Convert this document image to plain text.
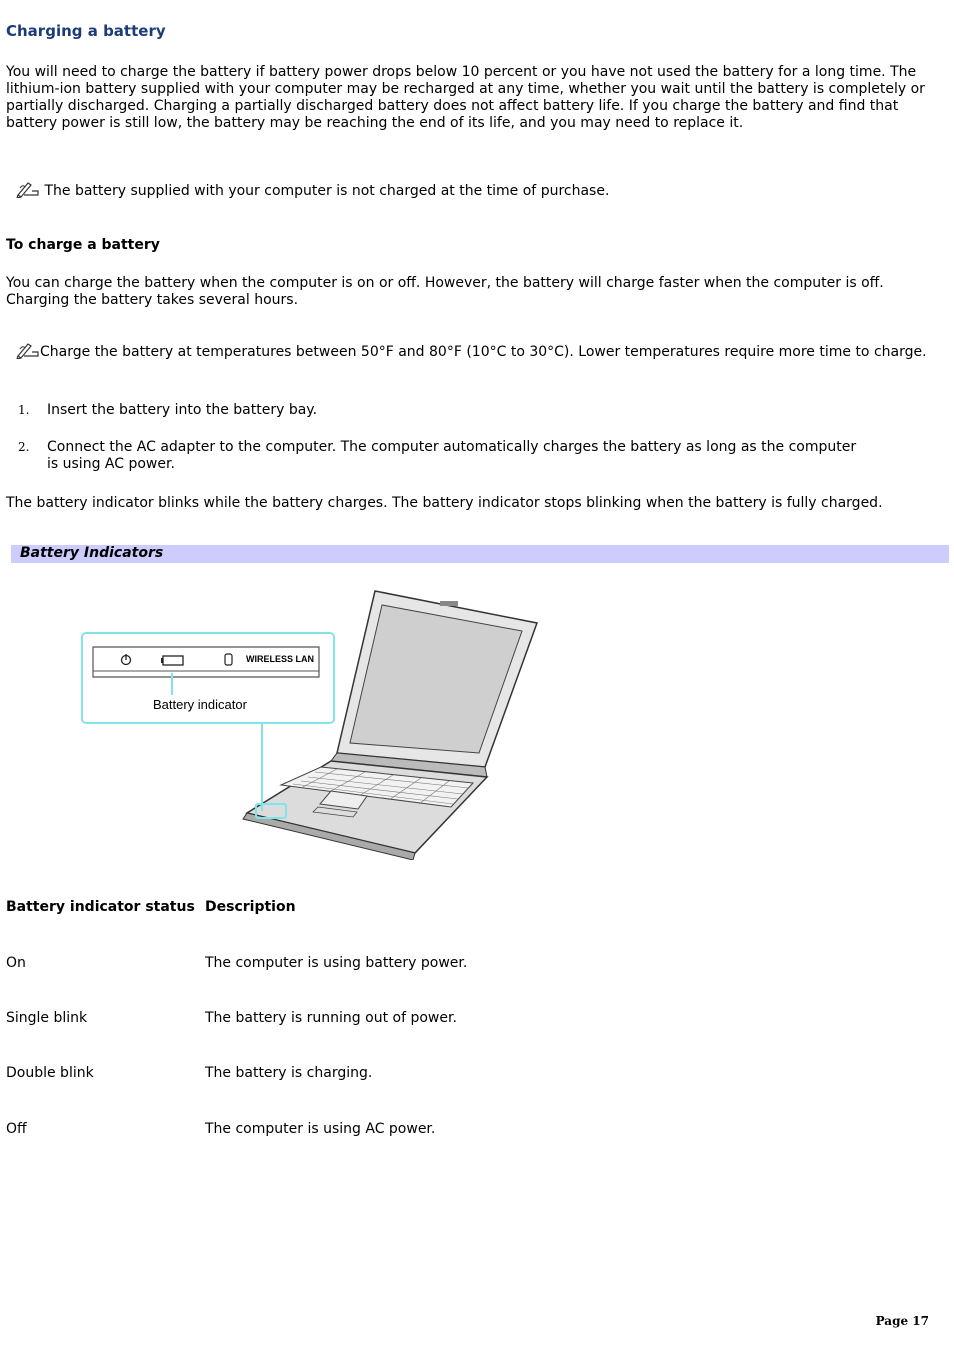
Charging a battery

You will need to charge the battery if battery power drops below 10 percent or you have not used the battery for a long time. The lithium-ion battery supplied with your computer may be recharged at any time, whether you wait until the battery is completely or partially discharged. Charging a partially discharged battery does not affect battery life. If you charge the battery and find that battery power is still low, the battery may be reaching the end of its life, and you may need to replace it.

The battery supplied with your computer is not charged at the time of purchase.
To charge a battery

You can charge the battery when the computer is on or off. However, the battery will charge faster when the computer is off. Charging the battery takes several hours.

Charge the battery at temperatures between 50°F and 80°F (10°C to 30°C). Lower temperatures require more time to charge.

1. Insert the battery into the battery bay.
2. Connect the AC adapter to the computer. The computer automatically charges the battery as long as the computer is using AC power.

The battery indicator blinks while the battery charges. The battery indicator stops blinking when the battery is fully charged.

Battery Indicators
WIRELESS LAN
Battery indicator
Battery indicator status Description
On	The computer is using battery power.
Single blink	The battery is running out of power.
Double blink	The battery is charging.
Off	The computer is using AC power.
Page 17
